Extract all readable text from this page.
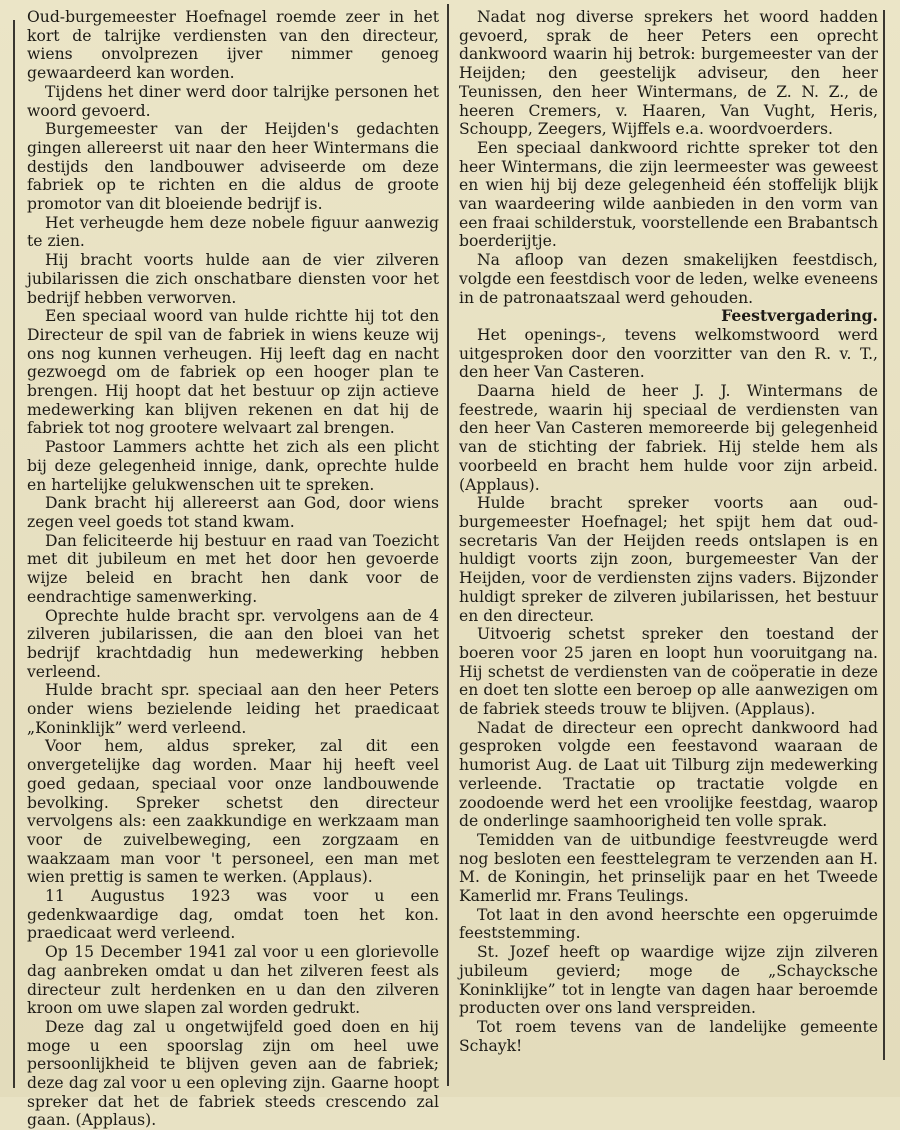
Oud-burgemeester Hoefnagel roemde zeer in het kort de talrijke verdiensten van den directeur, wiens onvolprezen ijver nimmer genoeg gewaardeerd kan worden.

Tijdens het diner werd door talrijke personen het woord gevoerd.

Burgemeester van der Heijden's gedachten gingen allereerst uit naar den heer Wintermans die destijds den landbouwer adviseerde om deze fabriek op te richten en die aldus de groote promotor van dit bloeiende bedrijf is.

Het verheugde hem deze nobele figuur aanwezig te zien.

Hij bracht voorts hulde aan de vier zilveren jubilarissen die zich onschatbare diensten voor het bedrijf hebben verworven.

Een speciaal woord van hulde richtte hij tot den Directeur de spil van de fabriek in wiens keuze wij ons nog kunnen verheugen. Hij leeft dag en nacht gezwoegd om de fabriek op een hooger plan te brengen. Hij hoopt dat het bestuur op zijn actieve medewerking kan blijven rekenen en dat hij de fabriek tot nog grootere welvaart zal brengen.

Pastoor Lammers achtte het zich als een plicht bij deze gelegenheid innige, dank, oprechte hulde en hartelijke gelukwenschen uit te spreken.

Dank bracht hij allereerst aan God, door wiens zegen veel goeds tot stand kwam.

Dan feliciteerde hij bestuur en raad van Toezicht met dit jubileum en met het door hen gevoerde wijze beleid en bracht hen dank voor de eendrachtige samenwerking.

Oprechte hulde bracht spr. vervolgens aan de 4 zilveren jubilarissen, die aan den bloei van het bedrijf krachtdadig hun medewerking hebben verleend.

Hulde bracht spr. speciaal aan den heer Peters onder wiens bezielende leiding het praedicaat „Koninklijk” werd verleend.

Voor hem, aldus spreker, zal dit een onvergetelijke dag worden. Maar hij heeft veel goed gedaan, speciaal voor onze landbouwende bevolking. Spreker schetst den directeur vervolgens als: een zaakkundige en werkzaam man voor de zuivelbeweging, een zorgzaam en waakzaam man voor 't personeel, een man met wien prettig is samen te werken. (Applaus).

11 Augustus 1923 was voor u een gedenkwaardige dag, omdat toen het kon. praedicaat werd verleend.

Op 15 December 1941 zal voor u een glorievolle dag aanbreken omdat u dan het zilveren feest als directeur zult herdenken en u dan den zilveren kroon om uwe slapen zal worden gedrukt.

Deze dag zal u ongetwijfeld goed doen en hij moge u een spoorslag zijn om heel uwe persoonlijkheid te blijven geven aan de fabriek; deze dag zal voor u een opleving zijn. Gaarne hoopt spreker dat het de fabriek steeds crescendo zal gaan. (Applaus).

Nadat nog diverse sprekers het woord hadden gevoerd, sprak de heer Peters een oprecht dankwoord waarin hij betrok: burgemeester van der Heijden; den geestelijk adviseur, den heer Teunissen, den heer Wintermans, de Z. N. Z., de heeren Cremers, v. Haaren, Van Vught, Heris, Schoupp, Zeegers, Wijffels e.a. woordvoerders.

Een speciaal dankwoord richtte spreker tot den heer Wintermans, die zijn leermeester was geweest en wien hij bij deze gelegenheid één stoffelijk blijk van waardeering wilde aanbieden in den vorm van een fraai schilderstuk, voorstellende een Brabantsch boerderijtje.

Na afloop van dezen smakelijken feestdisch, volgde een feestdisch voor de leden, welke eveneens in de patronaatszaal werd gehouden.

Feestvergadering.

Het openings-, tevens welkomstwoord werd uitgesproken door den voorzitter van den R. v. T., den heer Van Casteren.

Daarna hield de heer J. J. Wintermans de feestrede, waarin hij speciaal de verdiensten van den heer Van Casteren memoreerde bij gelegenheid van de stichting der fabriek. Hij stelde hem als voorbeeld en bracht hem hulde voor zijn arbeid. (Applaus).

Hulde bracht spreker voorts aan oud-burgemeester Hoefnagel; het spijt hem dat oud-secretaris Van der Heijden reeds ontslapen is en huldigt voorts zijn zoon, burgemeester Van der Heijden, voor de verdiensten zijns vaders. Bijzonder huldigt spreker de zilveren jubilarissen, het bestuur en den directeur.

Uitvoerig schetst spreker den toestand der boeren voor 25 jaren en loopt hun vooruitgang na. Hij schetst de verdiensten van de coöperatie in deze en doet ten slotte een beroep op alle aanwezigen om de fabriek steeds trouw te blijven. (Applaus).

Nadat de directeur een oprecht dankwoord had gesproken volgde een feestavond waaraan de humorist Aug. de Laat uit Tilburg zijn medewerking verleende. Tractatie op tractatie volgde en zoodoende werd het een vroolijke feestdag, waarop de onderlinge saamhoorigheid ten volle sprak.

Temidden van de uitbundige feestvreugde werd nog besloten een feesttelegram te verzenden aan H. M. de Koningin, het prinselijk paar en het Tweede Kamerlid mr. Frans Teulings.

Tot laat in den avond heerschte een opgeruimde feeststemming.

St. Jozef heeft op waardige wijze zijn zilveren jubileum gevierd; moge de „Schaycksche Koninklijke” tot in lengte van dagen haar beroemde producten over ons land verspreiden.

Tot roem tevens van de landelijke gemeente Schayk!
